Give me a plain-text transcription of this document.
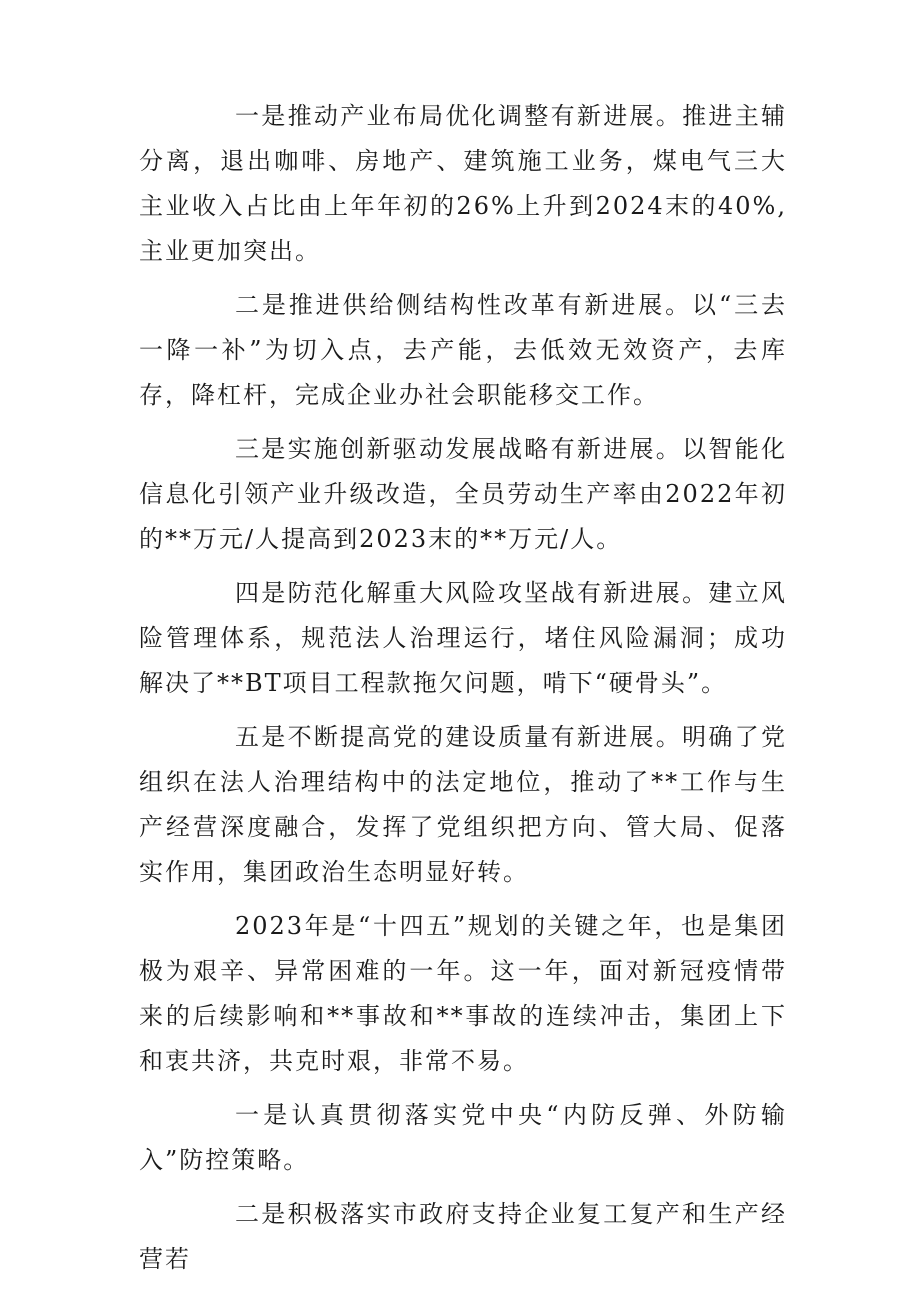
一是推动产业布局优化调整有新进展。推进主辅分离，退出咖啡、房地产、建筑施工业务，煤电气三大主业收入占比由上年年初的26%上升到2024末的40%,主业更加突出。

二是推进供给侧结构性改革有新进展。以“三去一降一补”为切入点，去产能，去低效无效资产，去库存，降杠杆，完成企业办社会职能移交工作。

三是实施创新驱动发展战略有新进展。以智能化信息化引领产业升级改造，全员劳动生产率由2022年初的**万元/人提高到2023末的**万元/人。

四是防范化解重大风险攻坚战有新进展。建立风险管理体系，规范法人治理运行，堵住风险漏洞；成功解决了**BT项目工程款拖欠问题，啃下“硬骨头”。

五是不断提高党的建设质量有新进展。明确了党组织在法人治理结构中的法定地位，推动了**工作与生产经营深度融合，发挥了党组织把方向、管大局、促落实作用，集团政治生态明显好转。

2023年是“十四五”规划的关键之年，也是集团极为艰辛、异常困难的一年。这一年，面对新冠疫情带来的后续影响和**事故和**事故的连续冲击，集团上下和衷共济，共克时艰，非常不易。

一是认真贯彻落实党中央“内防反弹、外防输入”防控策略。

二是积极落实市政府支持企业复工复产和生产经营若
